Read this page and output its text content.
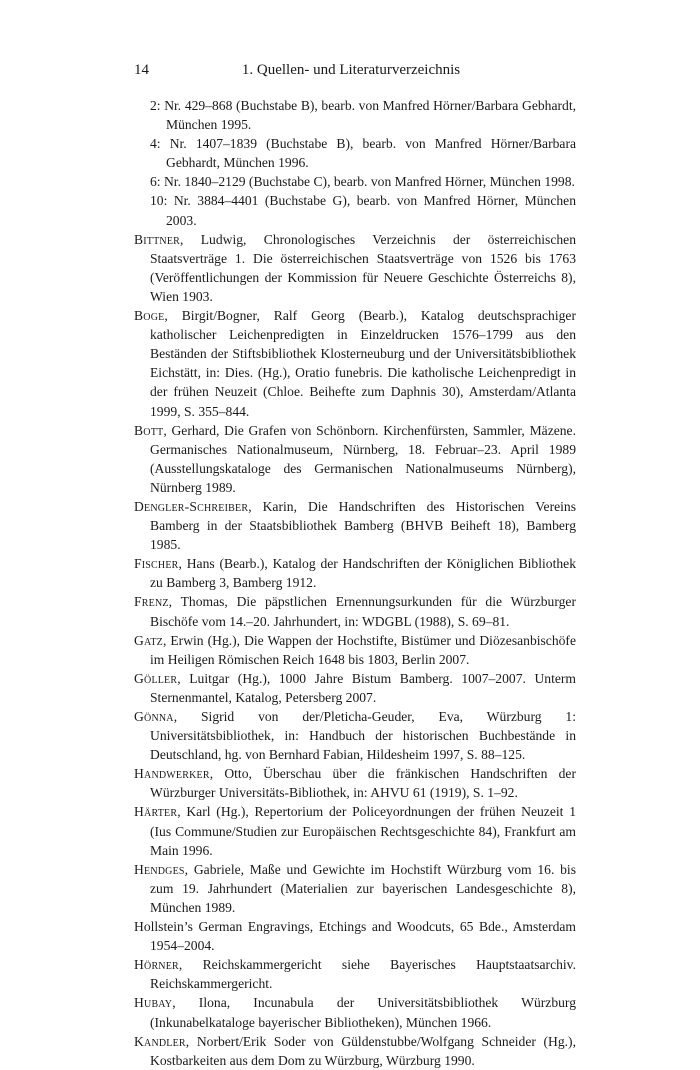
14	1. Quellen- und Literaturverzeichnis

2: Nr. 429–868 (Buchstabe B), bearb. von Manfred Hörner/Barbara Gebhardt, München 1995.

4: Nr. 1407–1839 (Buchstabe B), bearb. von Manfred Hörner/Barbara Gebhardt, München 1996.

6: Nr. 1840–2129 (Buchstabe C), bearb. von Manfred Hörner, München 1998.

10: Nr. 3884–4401 (Buchstabe G), bearb. von Manfred Hörner, München 2003.

Bittner, Ludwig, Chronologisches Verzeichnis der österreichischen Staatsverträge 1. Die österreichischen Staatsverträge von 1526 bis 1763 (Veröffentlichungen der Kommission für Neuere Geschichte Österreichs 8), Wien 1903.

Boge, Birgit/Bogner, Ralf Georg (Bearb.), Katalog deutschsprachiger katholischer Leichenpredigten in Einzeldrucken 1576–1799 aus den Beständen der Stiftsbibliothek Klosterneuburg und der Universitätsbibliothek Eichstätt, in: Dies. (Hg.), Oratio funebris. Die katholische Leichenpredigt in der frühen Neuzeit (Chloe. Beihefte zum Daphnis 30), Amsterdam/Atlanta 1999, S. 355–844.

Bott, Gerhard, Die Grafen von Schönborn. Kirchenfürsten, Sammler, Mäzene. Germanisches Nationalmuseum, Nürnberg, 18. Februar–23. April 1989 (Ausstellungskataloge des Germanischen Nationalmuseums Nürnberg), Nürnberg 1989.

Dengler-Schreiber, Karin, Die Handschriften des Historischen Vereins Bamberg in der Staatsbibliothek Bamberg (BHVB Beiheft 18), Bamberg 1985.

Fischer, Hans (Bearb.), Katalog der Handschriften der Königlichen Bibliothek zu Bamberg 3, Bamberg 1912.

Frenz, Thomas, Die päpstlichen Ernennungsurkunden für die Würzburger Bischöfe vom 14.–20. Jahrhundert, in: WDGBL (1988), S. 69–81.

Gatz, Erwin (Hg.), Die Wappen der Hochstifte, Bistümer und Diözesanbischöfe im Heiligen Römischen Reich 1648 bis 1803, Berlin 2007.

Göller, Luitgar (Hg.), 1000 Jahre Bistum Bamberg. 1007–2007. Unterm Sternenmantel, Katalog, Petersberg 2007.

Gönna, Sigrid von der/Pleticha-Geuder, Eva, Würzburg 1: Universitätsbibliothek, in: Handbuch der historischen Buchbestände in Deutschland, hg. von Bernhard Fabian, Hildesheim 1997, S. 88–125.

Handwerker, Otto, Überschau über die fränkischen Handschriften der Würzburger Universitäts-Bibliothek, in: AHVU 61 (1919), S. 1–92.

Härter, Karl (Hg.), Repertorium der Policeyordnungen der frühen Neuzeit 1 (Ius Commune/Studien zur Europäischen Rechtsgeschichte 84), Frankfurt am Main 1996.

Hendges, Gabriele, Maße und Gewichte im Hochstift Würzburg vom 16. bis zum 19. Jahrhundert (Materialien zur bayerischen Landesgeschichte 8), München 1989.

Hollstein’s German Engravings, Etchings and Woodcuts, 65 Bde., Amsterdam 1954–2004.

Hörner, Reichskammergericht siehe Bayerisches Hauptstaatsarchiv. Reichskammergericht.

Hubay, Ilona, Incunabula der Universitätsbibliothek Würzburg (Inkunabelkataloge bayerischer Bibliotheken), München 1966.

Kandler, Norbert/Erik Soder von Güldenstubbe/Wolfgang Schneider (Hg.), Kostbarkeiten aus dem Dom zu Würzburg, Würzburg 1990.
